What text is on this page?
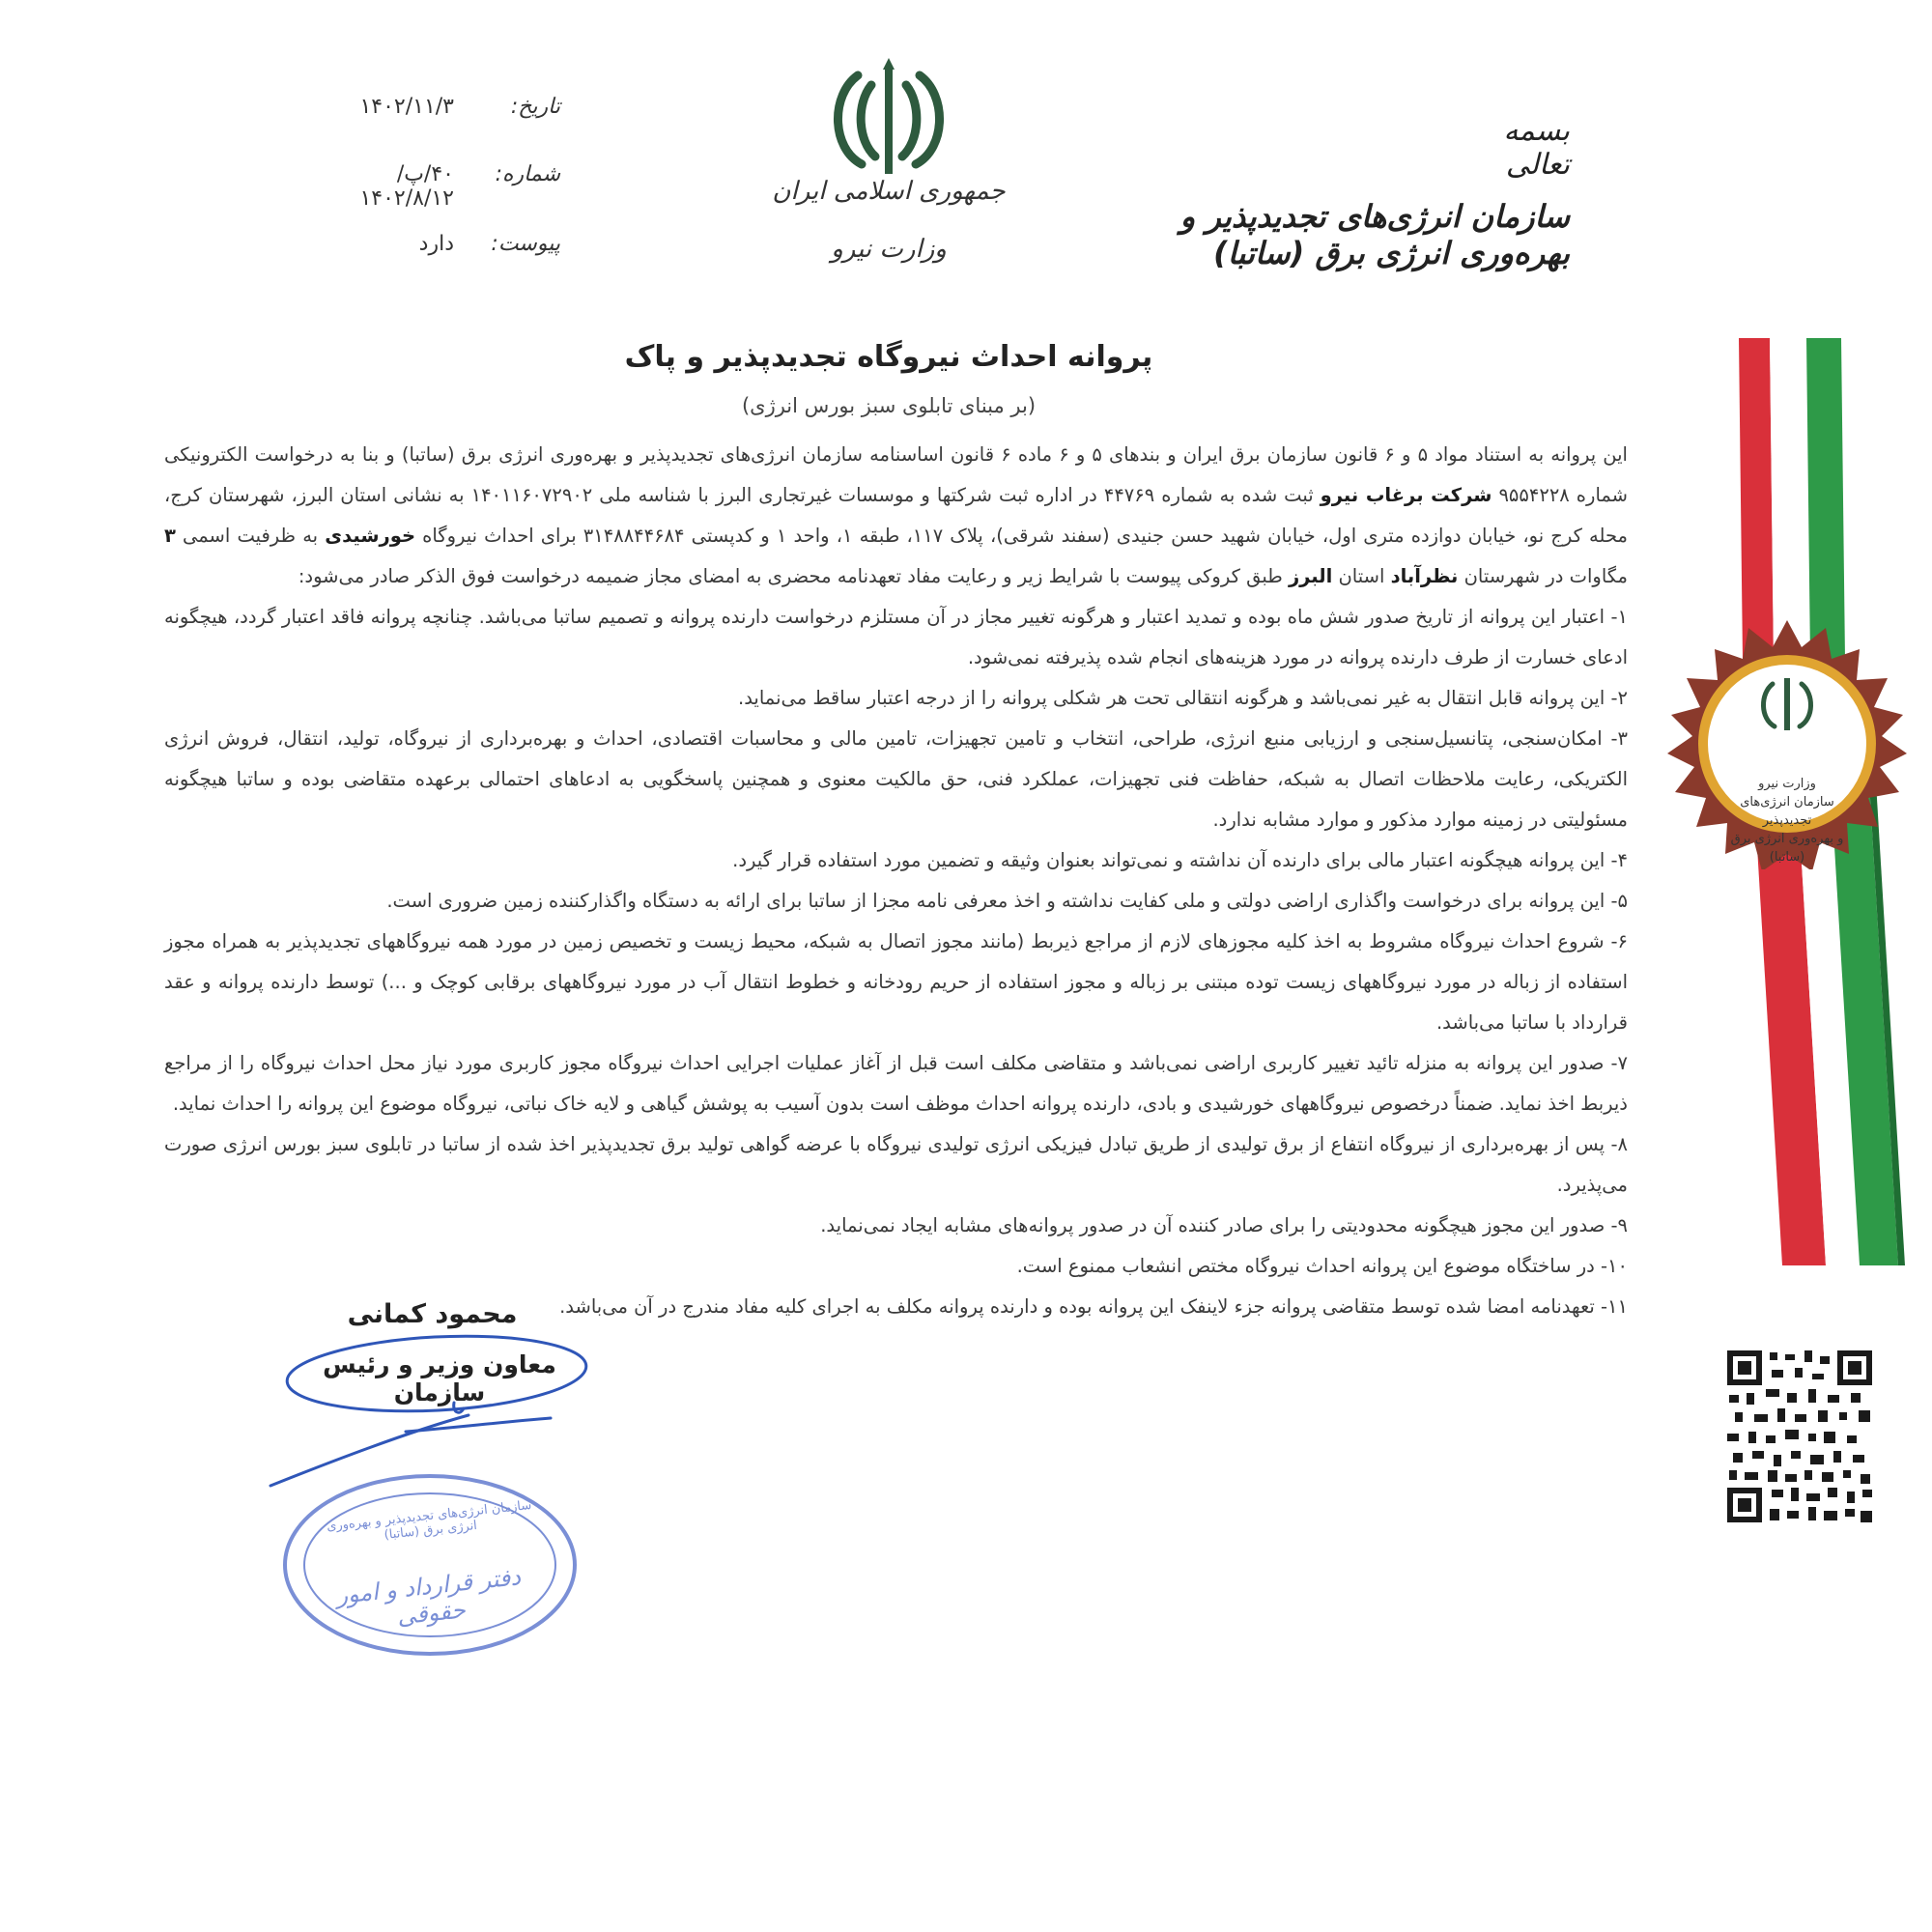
تاریخ:
۱۴۰۲/۱۱/۳
شماره:
۴۰/پ/۱۴۰۲/۸/۱۲
پیوست:
دارد
جمهوری اسلامی ایران
وزارت نیرو
بسمه تعالی
سازمان انرژی‌های تجدیدپذیر و بهره‌وری انرژی برق (ساتبا)
پروانه احداث نیروگاه تجدیدپذیر و پاک
(بر مبنای تابلوی سبز بورس انرژی)

این پروانه به استناد مواد ۵ و ۶ قانون سازمان برق ایران و بندهای ۵ و ۶ ماده ۶ قانون اساسنامه سازمان انرژی‌های تجدیدپذیر و بهره‌وری انرژی برق (ساتبا) و بنا به درخواست الکترونیکی شماره ۹۵۵۴۲۲۸ شرکت برغاب نیرو ثبت شده به شماره ۴۴۷۶۹ در اداره ثبت شرکتها و موسسات غیرتجاری البرز با شناسه ملی ۱۴۰۱۱۶۰۷۲۹۰۲ به نشانی استان البرز، شهرستان کرج، محله کرج نو، خیابان دوازده متری اول، خیابان شهید حسن جنیدی (سفند شرقی)، پلاک ۱۱۷، طبقه ۱، واحد ۱ و کدپستی ۳۱۴۸۸۴۴۶۸۴ برای احداث نیروگاه خورشیدی به ظرفیت اسمی ۳ مگاوات در شهرستان نظرآباد استان البرز طبق کروکی پیوست با شرایط زیر و رعایت مفاد تعهدنامه محضری به امضای مجاز ضمیمه درخواست فوق الذکر صادر می‌شود:

۱- اعتبار این پروانه از تاریخ صدور شش ماه بوده و تمدید اعتبار و هرگونه تغییر مجاز در آن مستلزم درخواست دارنده پروانه و تصمیم ساتبا می‌باشد. چنانچه پروانه فاقد اعتبار گردد، هیچگونه ادعای خسارت از طرف دارنده پروانه در مورد هزینه‌های انجام شده پذیرفته نمی‌شود.

۲- این پروانه قابل انتقال به غیر نمی‌باشد و هرگونه انتقالی تحت هر شکلی پروانه را از درجه اعتبار ساقط می‌نماید.

۳- امکان‌سنجی، پتانسیل‌سنجی و ارزیابی منبع انرژی، طراحی، انتخاب و تامین تجهیزات، تامین مالی و محاسبات اقتصادی، احداث و بهره‌برداری از نیروگاه، تولید، انتقال، فروش انرژی الکتریکی، رعایت ملاحظات اتصال به شبکه، حفاظت فنی تجهیزات، عملکرد فنی، حق مالکیت معنوی و همچنین پاسخگویی به ادعاهای احتمالی برعهده متقاضی بوده و ساتبا هیچگونه مسئولیتی در زمینه موارد مذکور و موارد مشابه ندارد.

۴- این پروانه هیچگونه اعتبار مالی برای دارنده آن نداشته و نمی‌تواند بعنوان وثیقه و تضمین مورد استفاده قرار گیرد.

۵- این پروانه برای درخواست واگذاری اراضی دولتی و ملی کفایت نداشته و اخذ معرفی نامه مجزا از ساتبا برای ارائه به دستگاه واگذارکننده زمین ضروری است.

۶- شروع احداث نیروگاه مشروط به اخذ کلیه مجوزهای لازم از مراجع ذیربط (مانند مجوز اتصال به شبکه، محیط زیست و تخصیص زمین در مورد همه نیروگاههای تجدیدپذیر به همراه مجوز استفاده از زباله در مورد نیروگاههای زیست توده مبتنی بر زباله و مجوز استفاده از حریم رودخانه و خطوط انتقال آب در مورد نیروگاههای برقابی کوچک و ...) توسط دارنده پروانه و عقد قرارداد با ساتبا می‌باشد.

۷- صدور این پروانه به منزله تائید تغییر کاربری اراضی نمی‌باشد و متقاضی مکلف است قبل از آغاز عملیات اجرایی احداث نیروگاه مجوز کاربری مورد نیاز محل احداث نیروگاه را از مراجع ذیربط اخذ نماید. ضمناً درخصوص نیروگاههای خورشیدی و بادی، دارنده پروانه احداث موظف است بدون آسیب به پوشش گیاهی و لایه خاک نباتی، نیروگاه موضوع این پروانه را احداث نماید.

۸- پس از بهره‌برداری از نیروگاه انتفاع از برق تولیدی از طریق تبادل فیزیکی انرژی تولیدی نیروگاه با عرضه گواهی تولید برق تجدیدپذیر اخذ شده از ساتبا در تابلوی سبز بورس انرژی صورت می‌پذیرد.

۹- صدور این مجوز هیچگونه محدودیتی را برای صادر کننده آن در صدور پروانه‌های مشابه ایجاد نمی‌نماید.

۱۰- در ساختگاه موضوع این پروانه احداث نیروگاه مختص انشعاب ممنوع است.

۱۱- تعهدنامه امضا شده توسط متقاضی پروانه جزء لاینفک این پروانه بوده و دارنده پروانه مکلف به اجرای کلیه مفاد مندرج در آن می‌باشد.

وزارت نیرو
سازمان انرژی‌های تجدیدپذیر
و بهره‌وری انرژی برق (ساتبا)
محمود کمانی
معاون وزیر و رئیس سازمان
سازمان انرژی‌های تجدیدپذیر و بهره‌وری انرژی برق (ساتبا)
دفتر قرارداد و امور حقوقی
